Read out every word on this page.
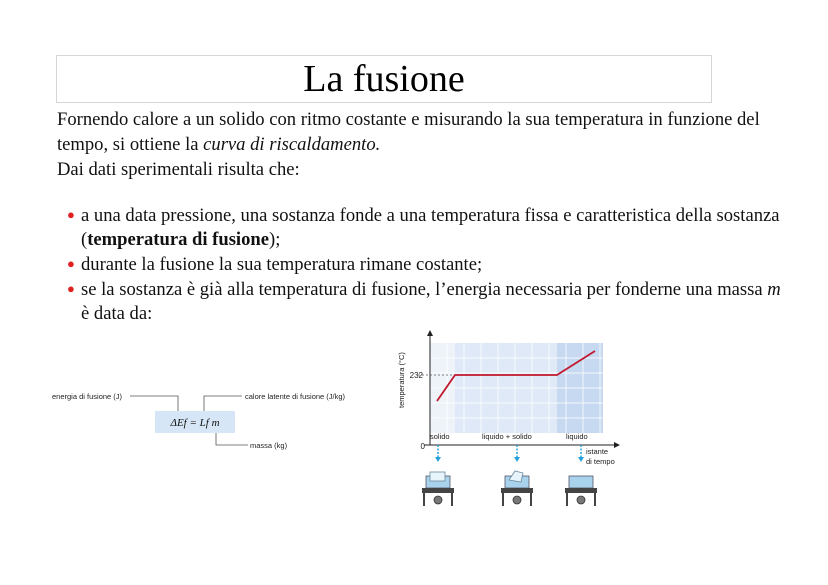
La fusione

Fornendo calore a un solido con ritmo costante e misurando la sua temperatura in funzione del tempo, si ottiene la curva di riscaldamento.

Dai dati sperimentali risulta che:

● a una data pressione, una sostanza fonde a una temperatura fissa e caratteristica della sostanza (temperatura di fusione);
● durante la fusione la sua temperatura rimane costante;
● se la sostanza è già alla temperatura di fusione, l’energia necessaria per fonderne una massa m è data da:
energia di fusione (J)	calore latente di fusione (J/kg)
massa (kg)
ΔEf = Lf m
232
0
temperatura (°C)
solido	liquido + solido	liquido
istante
di tempo
